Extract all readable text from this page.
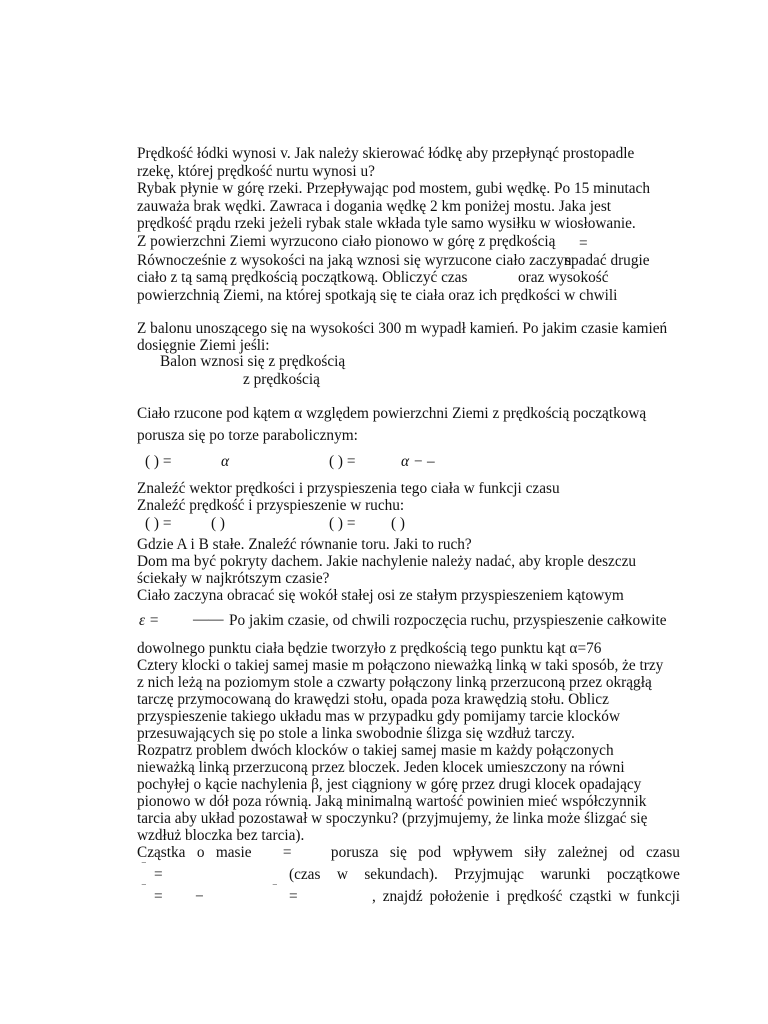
Prędkość łódki wynosi v. Jak należy skierować łódkę aby przepłynąć prostopadle
rzekę, której prędkość nurtu wynosi u?
Rybak płynie w górę rzeki. Przepływając pod mostem, gubi wędkę. Po 15 minutach
zauważa brak wędki. Zawraca i dogania wędkę 2 km poniżej mostu. Jaka jest
prędkość prądu rzeki jeżeli rybak stale wkłada tyle samo wysiłku w wiosłowanie.
Z powierzchni Ziemi wyrzucono ciało pionowo w górę z prędkością =
Równocześnie z wysokości na jaką wznosi się wyrzucone ciało zaczyn
spadać drugie
ciało z tą samą prędkością początkową. Obliczyć czas	oraz wysokość
powierzchnią Ziemi, na której spotkają się te ciała oraz ich prędkości w chwili
Z balonu unoszącego się na wysokości 300 m wypadł kamień. Po jakim czasie kamień
dosięgnie Ziemi jeśli:
Balon wznosi się z prędkością
z prędkością
Ciało rzucone pod kątem α względem powierzchni Ziemi z prędkością początkową
porusza się po torze parabolicznym:
( ) =	α	( ) =	α − –
Znaleźć wektor prędkości i przyspieszenia tego ciała w funkcji czasu
Znaleźć prędkość i przyspieszenie w ruchu:
( ) =	( )	( ) = ( )
Gdzie A i B stałe. Znaleźć równanie toru. Jaki to ruch?
Dom ma być pokryty dachem. Jakie nachylenie należy nadać, aby krople deszczu
ściekały w najkrótszym czasie?
Ciało zaczyna obracać się wokół stałej osi ze stałym przyspieszeniem kątowym
ε = —— Po jakim czasie, od chwili rozpoczęcia ruchu, przyspieszenie całkowite
dowolnego punktu ciała będzie tworzyło z prędkością tego punktu kąt α=76
Cztery klocki o takiej samej masie m połączono nieważką linką w taki sposób, że trzy
z nich leżą na poziomym stole a czwarty połączony linką przerzuconą przez okrągłą
tarczę przymocowaną do krawędzi stołu, opada poza krawędzią stołu. Oblicz
przyspieszenie takiego układu mas w przypadku gdy pomijamy tarcie klocków
przesuwających się po stole a linka swobodnie ślizga się wzdłuż tarczy.
Rozpatrz problem dwóch klocków o takiej samej masie m każdy połączonych
nieważką linką przerzuconą przez bloczek. Jeden klocek umieszczony na równi
pochyłej o kącie nachylenia β, jest ciągniony w górę przez drugi klocek opadający
pionowo w dół poza równią. Jaką minimalną wartość powinien mieć współczynnik
tarcia aby układ pozostawał w spoczynku? (przyjmujemy, że linka może ślizgać się
wzdłuż bloczka bez tarcia).
Cząstka o masie =	porusza się pod wpływem siły zależnej od czasu
‾ =	(czas w sekundach). Przyjmując warunki początkowe
‾ = −	‾ =	, znajdź położenie i prędkość cząstki w funkcji
